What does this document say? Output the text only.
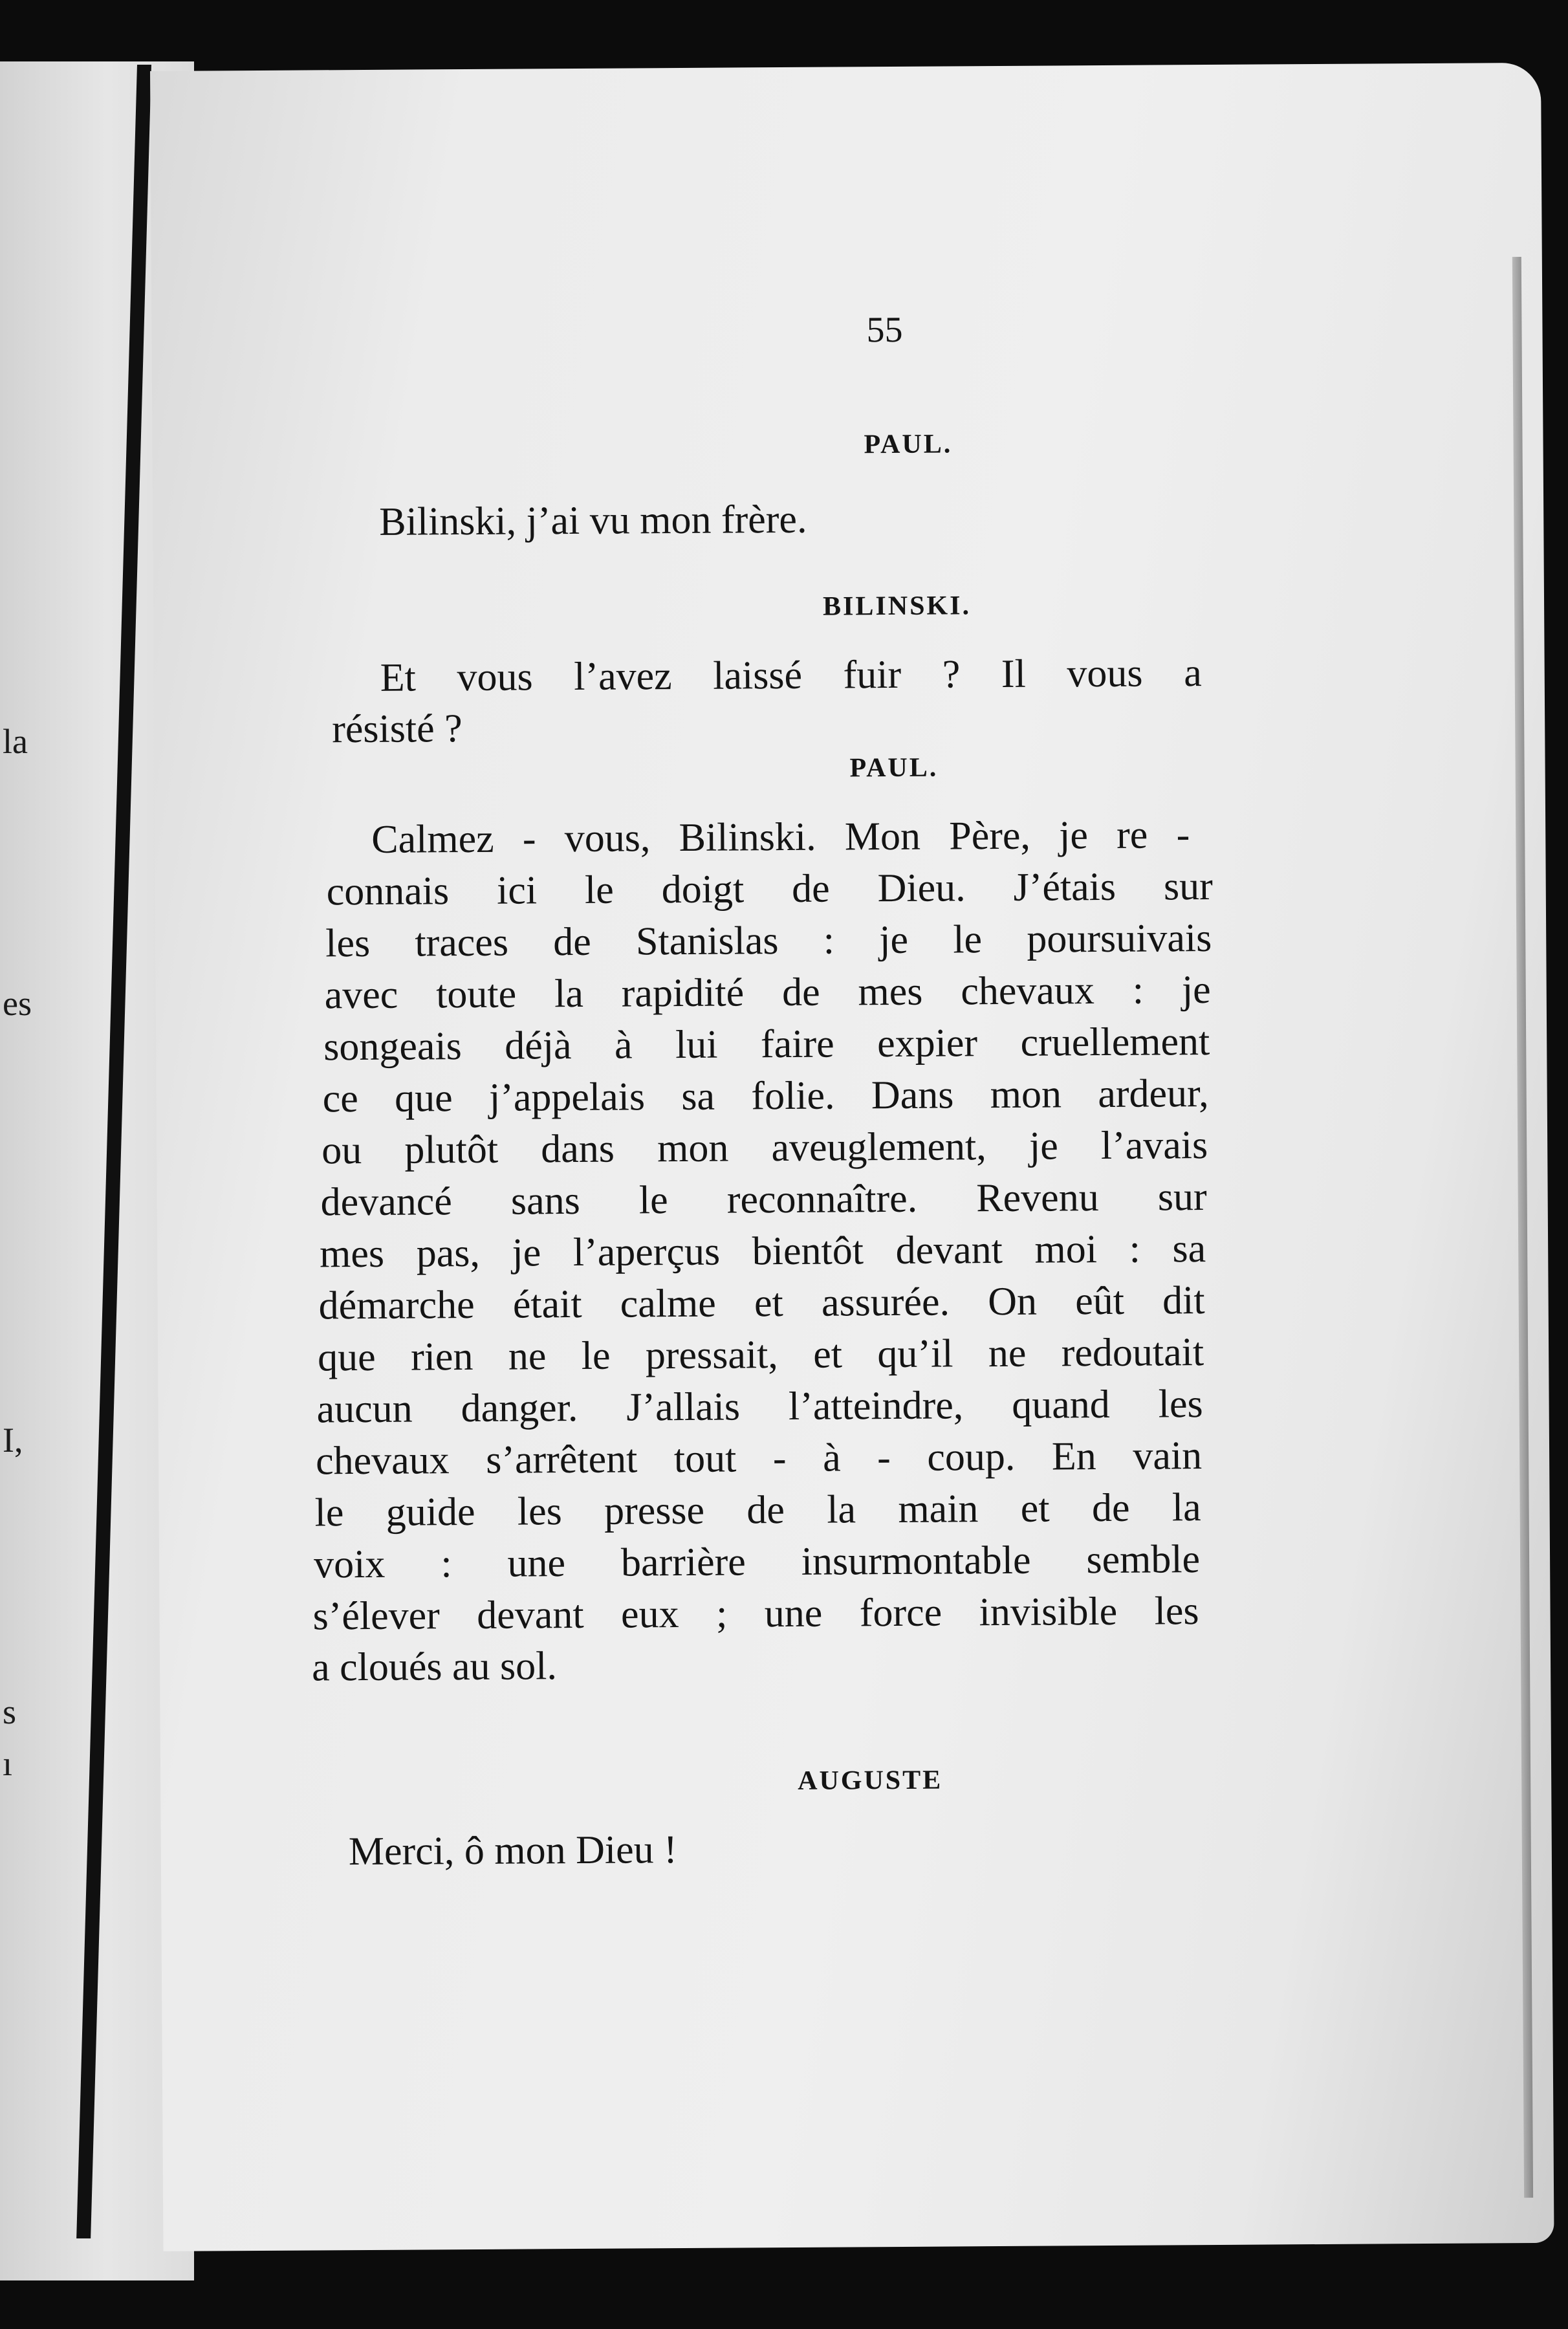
la
es
I,
s
ı
55
PAUL.
Bilinski, j’ai vu mon frère.
BILINSKI.
Et vous l’avez laissé fuir ? Il vous a
résisté ?
PAUL.
Calmez - vous, Bilinski. Mon Père, je re -
connais ici le doigt de Dieu. J’étais sur
les traces de Stanislas : je le poursuivais
avec toute la rapidité de mes chevaux : je
songeais déjà à lui faire expier cruellement
ce que j’appelais sa folie. Dans mon ardeur,
ou plutôt dans mon aveuglement, je l’avais
devancé sans le reconnaître. Revenu sur
mes pas, je l’aperçus bientôt devant moi : sa
démarche était calme et assurée. On eût dit
que rien ne le pressait, et qu’il ne redoutait
aucun danger. J’allais l’atteindre, quand les
chevaux s’arrêtent tout - à - coup. En vain
le guide les presse de la main et de la
voix : une barrière insurmontable semble
s’élever devant eux ; une force invisible les
a cloués au sol.
AUGUSTE
Merci, ô mon Dieu !
